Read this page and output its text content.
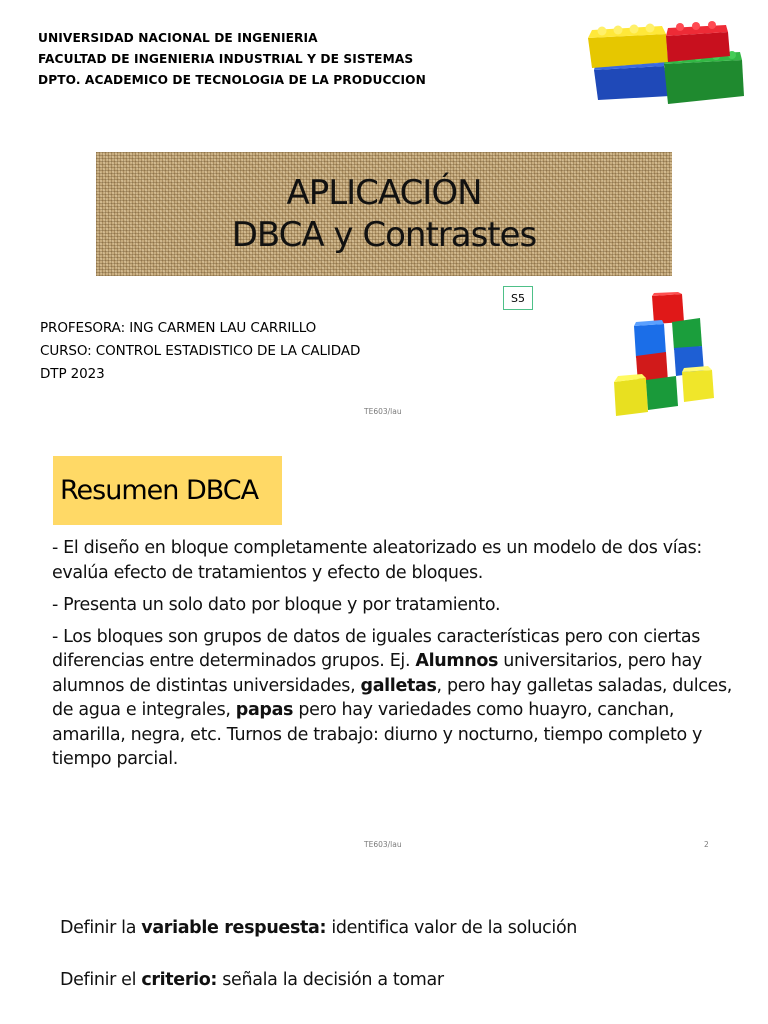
UNIVERSIDAD NACIONAL DE INGENIERIA
FACULTAD DE INGENIERIA INDUSTRIAL Y DE SISTEMAS
DPTO. ACADEMICO DE TECNOLOGIA DE LA PRODUCCION
APLICACIÓN
DBCA y Contrastes
S5
PROFESORA: ING CARMEN LAU CARRILLO
CURSO: CONTROL ESTADISTICO DE LA CALIDAD
DTP 2023
TE603/lau
Resumen DBCA
- El diseño en bloque completamente aleatorizado es un modelo de dos vías: evalúa efecto de tratamientos y efecto de bloques.
- Presenta un solo dato por bloque y por tratamiento.
- Los bloques son grupos de datos de iguales características pero con ciertas diferencias entre determinados grupos. Ej. Alumnos universitarios, pero hay alumnos de distintas universidades, galletas, pero hay galletas saladas, dulces, de agua e integrales, papas pero hay variedades como huayro, canchan, amarilla, negra, etc. Turnos de trabajo: diurno y nocturno, tiempo completo y tiempo parcial.
TE603/lau	2
Definir la variable respuesta: identifica valor de la solución
Definir el criterio: señala la decisión a tomar
